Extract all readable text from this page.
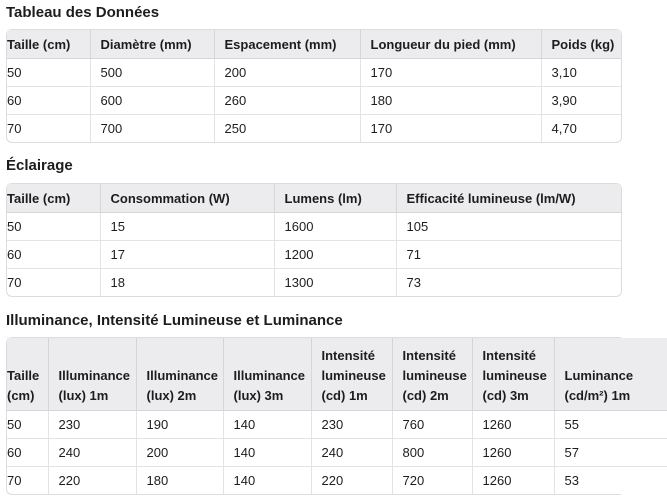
Tableau des Données
Taille (cm)	Diamètre (mm)	Espacement (mm)	Longueur du pied (mm)	Poids (kg)
50	500	200	170	3,10
60	600	260	180	3,90
70	700	250	170	4,70
Éclairage
Taille (cm)	Consommation (W)	Lumens (lm)	Efficacité lumineuse (lm/W)
50	15	1600	105
60	17	1200	71
70	18	1300	73
Illuminance, Intensité Lumineuse et Luminance
Taille (cm)	Illuminance (lux) 1m	Illuminance (lux) 2m	Illuminance (lux) 3m	Intensité lumineuse (cd) 1m	Intensité lumineuse (cd) 2m	Intensité lumineuse (cd) 3m	Luminance (cd/m²) 1m
50	230	190	140	230	760	1260	55
60	240	200	140	240	800	1260	57
70	220	180	140	220	720	1260	53
